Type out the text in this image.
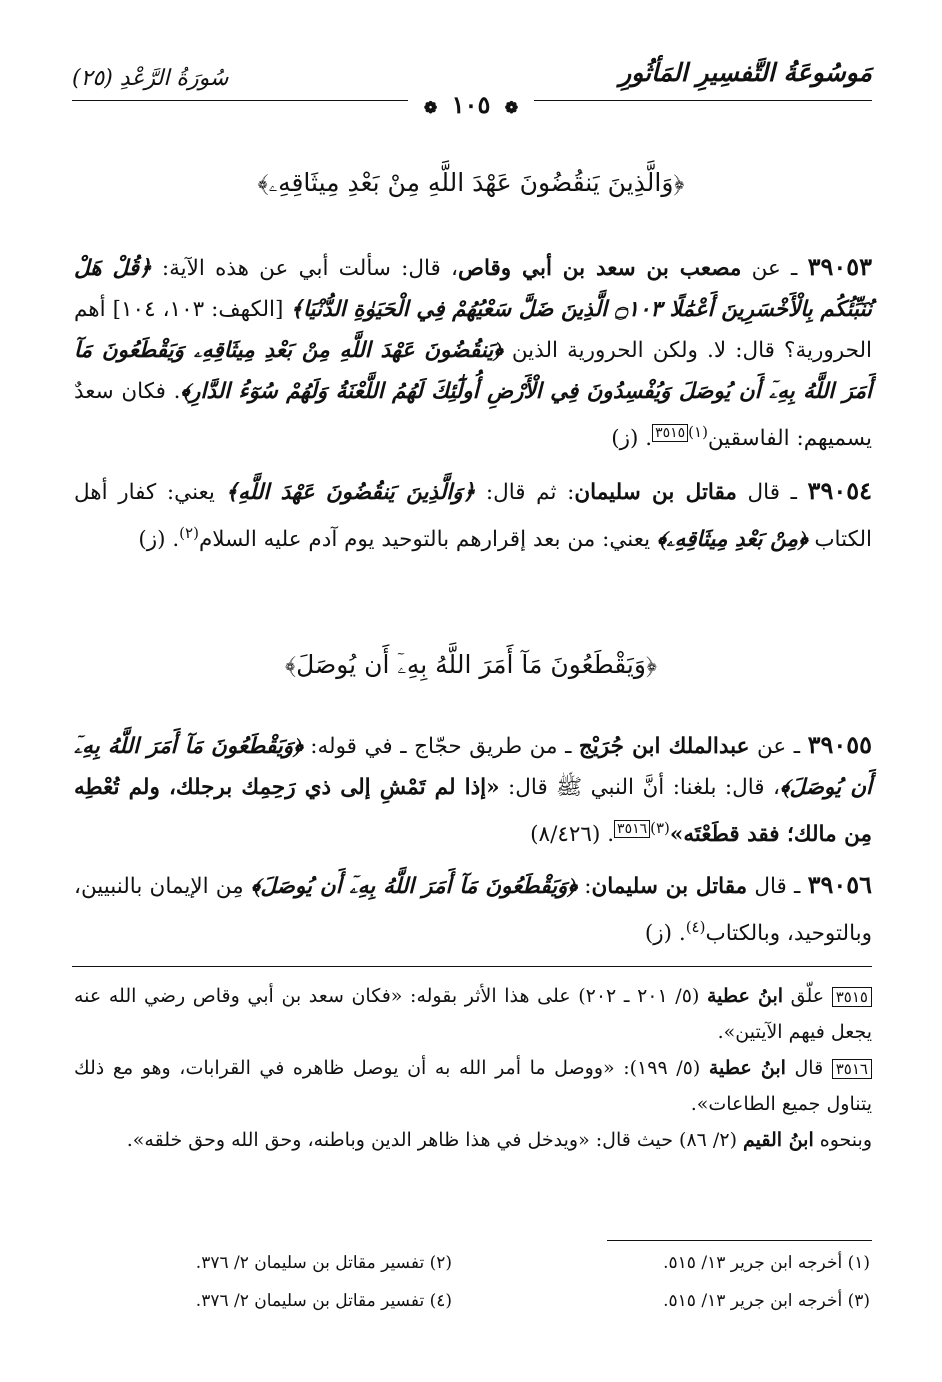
مَوسُوعَةُ التَّفسِيرِ المَأثُورِ
سُورَةُ الرَّعْدِ (٢٥)
❁ ١٠٥ ❁
﴿وَالَّذِينَ يَنقُضُونَ عَهْدَ اللَّهِ مِنْ بَعْدِ مِيثَاقِهِۦ﴾
٣٩٠٥٣ ـ عن مصعب بن سعد بن أبي وقاص، قال: سألت أبي عن هذه الآية: ﴿قُلْ هَلْ نُنَبِّئُكُم بِالْأَخْسَرِينَ أَعْمَٰلًا ۝١٠٣ الَّذِينَ ضَلَّ سَعْيُهُمْ فِي الْحَيَوٰةِ الدُّنْيَا﴾ [الكهف: ١٠٣، ١٠٤] أهم الحرورية؟ قال: لا. ولكن الحرورية الذين ﴿يَنقُضُونَ عَهْدَ اللَّهِ مِنْ بَعْدِ مِيثَاقِهِۦ وَيَقْطَعُونَ مَآ أَمَرَ اللَّهُ بِهِۦٓ أَن يُوصَلَ وَيُفْسِدُونَ فِي الْأَرْضِ أُولَٰٓئِكَ لَهُمُ اللَّعْنَةُ وَلَهُمْ سُوٓءُ الدَّارِ﴾. فكان سعدٌ يسميهم: الفاسقين$^{(١)}$٣٥١٥. (ز)
٣٩٠٥٤ ـ قال مقاتل بن سليمان: ثم قال: ﴿وَالَّذِينَ يَنقُضُونَ عَهْدَ اللَّهِ﴾ يعني: كفار أهل الكتاب ﴿مِنْ بَعْدِ مِيثَاقِهِۦ﴾ يعني: من بعد إقرارهم بالتوحيد يوم آدم عليه السلام$^{(٢)}$. (ز)
﴿وَيَقْطَعُونَ مَآ أَمَرَ اللَّهُ بِهِۦٓ أَن يُوصَلَ﴾
٣٩٠٥٥ ـ عن عبدالملك ابن جُرَيْج ـ من طريق حجّاج ـ في قوله: ﴿وَيَقْطَعُونَ مَآ أَمَرَ اللَّهُ بِهِۦٓ أَن يُوصَلَ﴾، قال: بلغنا: أنَّ النبي ﷺ قال: «إذا لم تَمْشِ إلى ذي رَحِمِك برجلك، ولم تُعْطِه مِن مالك؛ فقد قطَعْتَه»$^{(٣)}$٣٥١٦. (٨/٤٢٦)
٣٩٠٥٦ ـ قال مقاتل بن سليمان: ﴿وَيَقْطَعُونَ مَآ أَمَرَ اللَّهُ بِهِۦٓ أَن يُوصَلَ﴾ مِن الإيمان بالنبيين، وبالتوحيد، وبالكتاب$^{(٤)}$. (ز)
٣٥١٥ علّق ابنُ عطية (٥/ ٢٠١ ـ ٢٠٢) على هذا الأثر بقوله: «فكان سعد بن أبي وقاص رضي الله عنه يجعل فيهم الآيتين».
٣٥١٦ قال ابنُ عطية (٥/ ١٩٩): «ووصل ما أمر الله به أن يوصل ظاهره في القرابات، وهو مع ذلك يتناول جميع الطاعات».
وبنحوه ابنُ القيم (٢/ ٨٦) حيث قال: «ويدخل في هذا ظاهر الدين وباطنه، وحق الله وحق خلقه».
(١) أخرجه ابن جرير ١٣/ ٥١٥.
(٢) تفسير مقاتل بن سليمان ٢/ ٣٧٦.
(٣) أخرجه ابن جرير ١٣/ ٥١٥.
(٤) تفسير مقاتل بن سليمان ٢/ ٣٧٦.
